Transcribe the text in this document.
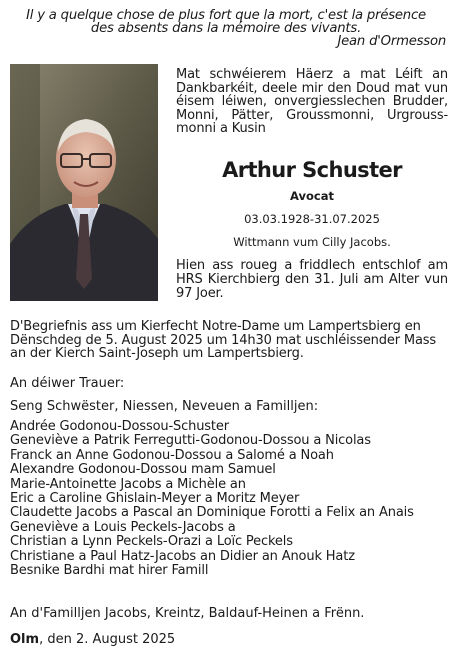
Il y a quelque chose de plus fort que la mort, c'est la présence
des absents dans la mémoire des vivants.
Jean d'Ormesson
Mat schwéierem Häerz a mat Léift an Dankbarkéit, deele mir den Doud mat vun éisem léiwen, onvergiesslechen Brudder, Monni, Pätter, Groussmonni, Urgrouss-monni a Kusin
Arthur Schuster
Avocat
03.03.1928-31.07.2025
Wittmann vum Cilly Jacobs.
Hien ass roueg a friddlech entschlof am HRS Kierchbierg den 31. Juli am Alter vun 97 Joer.
D'Begriefnis ass um Kierfecht Notre-Dame um Lampertsbierg en Dënschdeg de 5. August 2025 um 14h30 mat uschléissender Mass an der Kierch Saint-Joseph um Lampertsbierg.
An déiwer Trauer:
Seng Schwëster, Niessen, Neveuen a Familljen:
Andrée Godonou-Dossou-Schuster
Geneviève a Patrik Ferregutti-Godonou-Dossou a Nicolas
Franck an Anne Godonou-Dossou a Salomé a Noah
Alexandre Godonou-Dossou mam Samuel
Marie-Antoinette Jacobs a Michèle an
Eric a Caroline Ghislain-Meyer a Moritz Meyer
Claudette Jacobs a Pascal an Dominique Forotti a Felix an Anais
Geneviève a Louis Peckels-Jacobs a
Christian a Lynn Peckels-Orazi a Loïc Peckels
Christiane a Paul Hatz-Jacobs an Didier an Anouk Hatz
Besnike Bardhi mat hirer Famill
An d'Familljen Jacobs, Kreintz, Baldauf-Heinen a Frënn.
Olm, den 2. August 2025
